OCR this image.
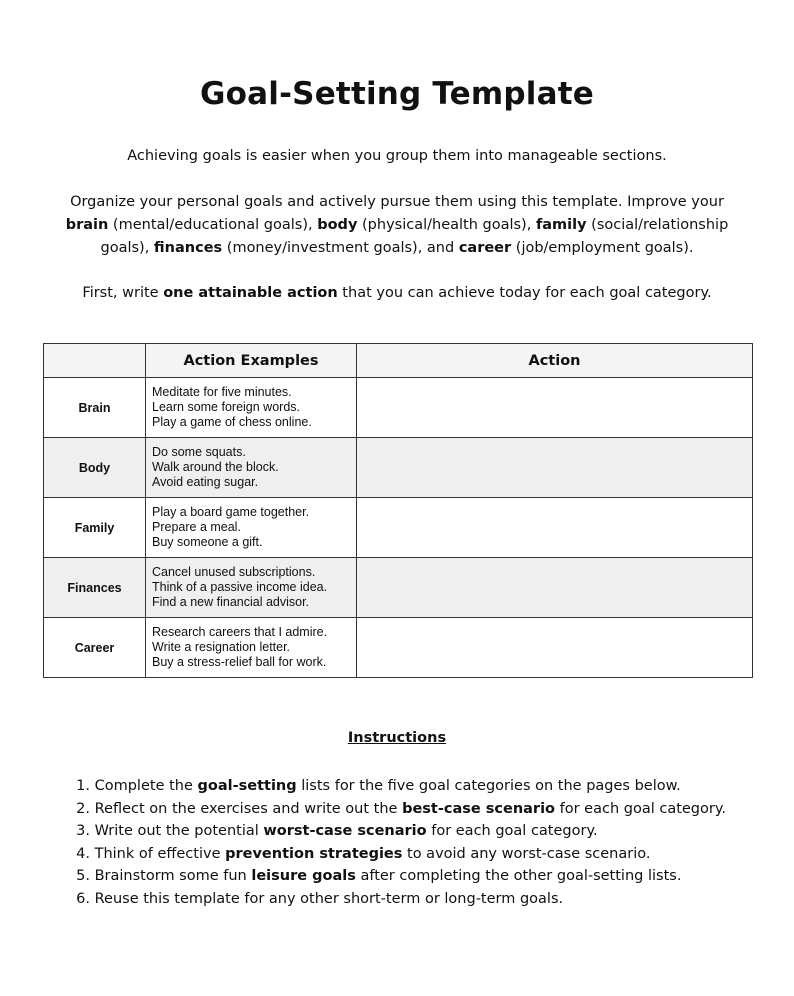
Goal-Setting Template
Achieving goals is easier when you group them into manageable sections.
Organize your personal goals and actively pursue them using this template. Improve your
brain (mental/educational goals), body (physical/health goals), family (social/relationship
goals), finances (money/investment goals), and career (job/employment goals).
First, write one attainable action that you can achieve today for each goal category.
	Action Examples	Action
Brain	Meditate for five minutes.
Learn some foreign words.
Play a game of chess online.	

Body	Do some squats.
Walk around the block.
Avoid eating sugar.	

Family	Play a board game together.
Prepare a meal.
Buy someone a gift.	

Finances	Cancel unused subscriptions.
Think of a passive income idea.
Find a new financial advisor.	

Career	Research careers that I admire.
Write a resignation letter.
Buy a stress-relief ball for work.	

Instructions
1. Complete the goal-setting lists for the five goal categories on the pages below.
2. Reflect on the exercises and write out the best-case scenario for each goal category.
3. Write out the potential worst-case scenario for each goal category.
4. Think of effective prevention strategies to avoid any worst-case scenario.
5. Brainstorm some fun leisure goals after completing the other goal-setting lists.
6. Reuse this template for any other short-term or long-term goals.
